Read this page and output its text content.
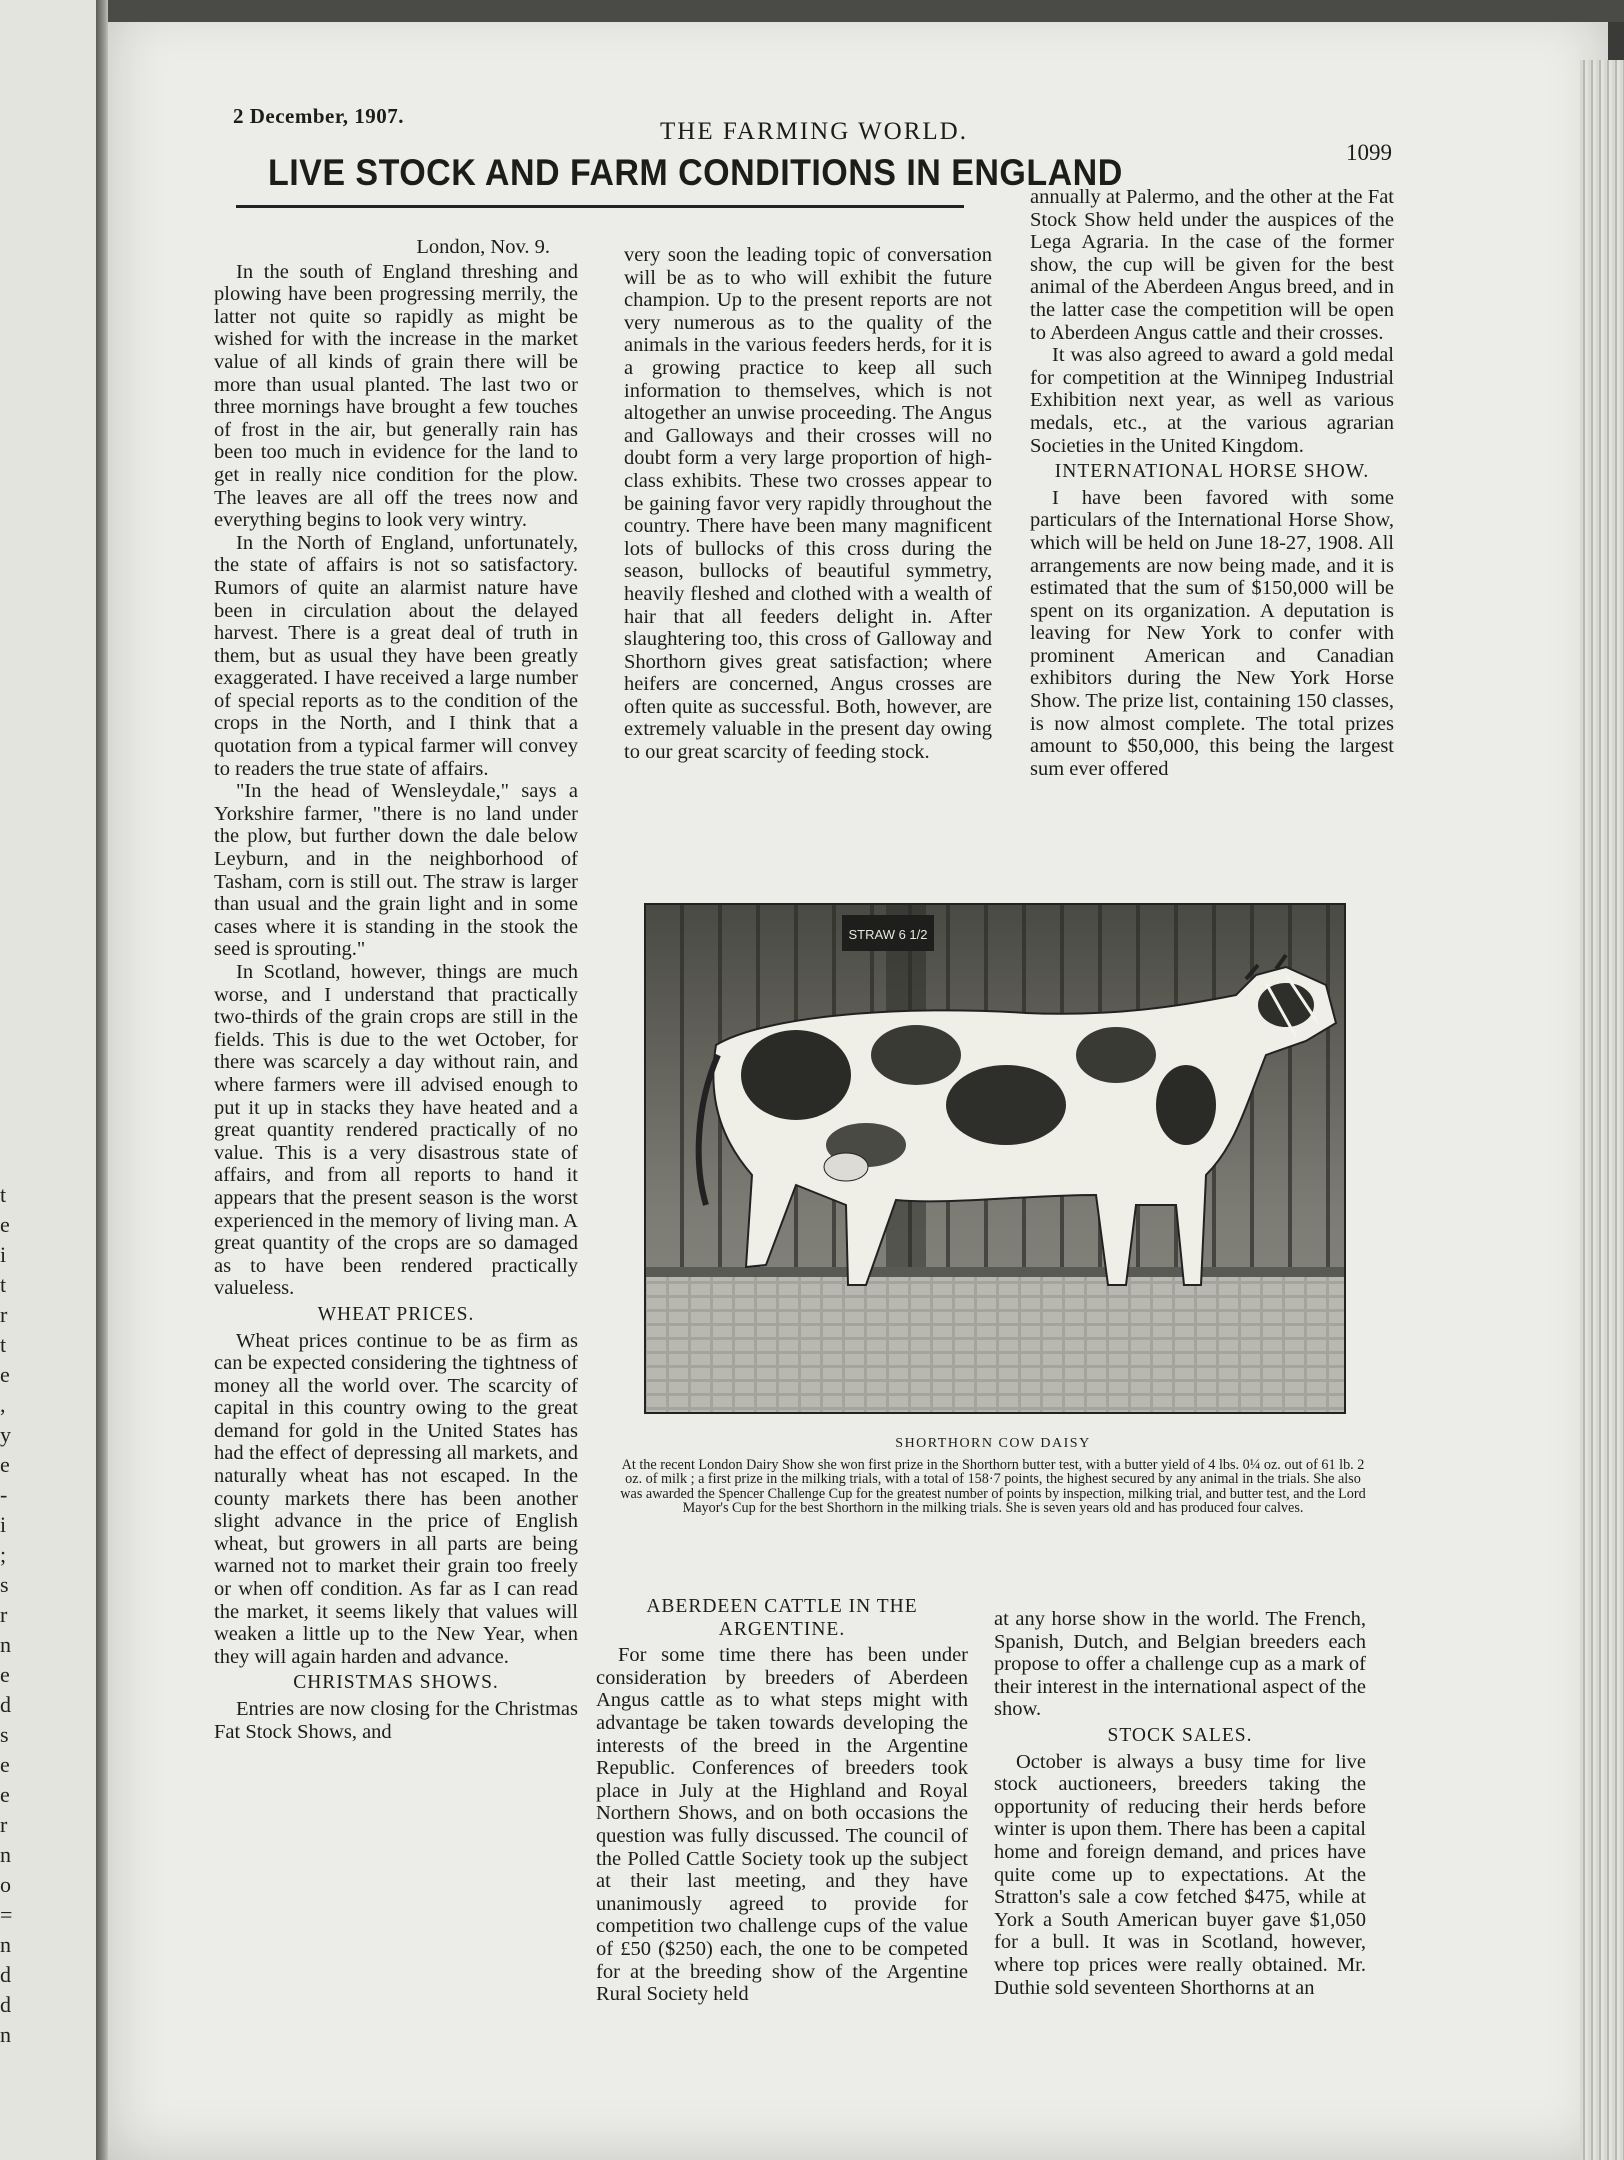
t
e
i
t
r
t
e
,
y
e
-
i
;
s
r
n
e
d
s
e
e
r
n
o
=
n
d
d
n
2 December, 1907.
THE FARMING WORLD.
1099
LIVE STOCK AND FARM CONDITIONS IN ENGLAND

London, Nov. 9.

In the south of England threshing and plowing have been progressing merrily, the latter not quite so rapidly as might be wished for with the increase in the market value of all kinds of grain there will be more than usual planted. The last two or three mornings have brought a few touches of frost in the air, but generally rain has been too much in evidence for the land to get in really nice condition for the plow. The leaves are all off the trees now and everything begins to look very wintry.

In the North of England, unfortunately, the state of affairs is not so satisfactory. Rumors of quite an alarmist nature have been in circulation about the delayed harvest. There is a great deal of truth in them, but as usual they have been greatly exaggerated. I have received a large number of special reports as to the condition of the crops in the North, and I think that a quotation from a typical farmer will convey to readers the true state of affairs.

"In the head of Wensleydale," says a Yorkshire farmer, "there is no land under the plow, but further down the dale below Leyburn, and in the neighborhood of Tasham, corn is still out. The straw is larger than usual and the grain light and in some cases where it is standing in the stook the seed is sprouting."

In Scotland, however, things are much worse, and I understand that practically two-thirds of the grain crops are still in the fields. This is due to the wet October, for there was scarcely a day without rain, and where farmers were ill advised enough to put it up in stacks they have heated and a great quantity rendered practically of no value. This is a very disastrous state of affairs, and from all reports to hand it appears that the present season is the worst experienced in the memory of living man. A great quantity of the crops are so damaged as to have been rendered practically valueless.

WHEAT PRICES.

Wheat prices continue to be as firm as can be expected considering the tightness of money all the world over. The scarcity of capital in this country owing to the great demand for gold in the United States has had the effect of depressing all markets, and naturally wheat has not escaped. In the county markets there has been another slight advance in the price of English wheat, but growers in all parts are being warned not to market their grain too freely or when off condition. As far as I can read the market, it seems likely that values will weaken a little up to the New Year, when they will again harden and advance.

CHRISTMAS SHOWS.

Entries are now closing for the Christmas Fat Stock Shows, and

very soon the leading topic of conversation will be as to who will exhibit the future champion. Up to the present reports are not very numerous as to the quality of the animals in the various feeders herds, for it is a growing practice to keep all such information to themselves, which is not altogether an unwise proceeding. The Angus and Galloways and their crosses will no doubt form a very large proportion of high-class exhibits. These two crosses appear to be gaining favor very rapidly throughout the country. There have been many magnificent lots of bullocks of this cross during the season, bullocks of beautiful symmetry, heavily fleshed and clothed with a wealth of hair that all feeders delight in. After slaughtering too, this cross of Galloway and Shorthorn gives great satisfaction; where heifers are concerned, Angus crosses are often quite as successful. Both, however, are extremely valuable in the present day owing to our great scarcity of feeding stock.

annually at Palermo, and the other at the Fat Stock Show held under the auspices of the Lega Agraria. In the case of the former show, the cup will be given for the best animal of the Aberdeen Angus breed, and in the latter case the competition will be open to Aberdeen Angus cattle and their crosses.

It was also agreed to award a gold medal for competition at the Winnipeg Industrial Exhibition next year, as well as various medals, etc., at the various agrarian Societies in the United Kingdom.

INTERNATIONAL HORSE SHOW.

I have been favored with some particulars of the International Horse Show, which will be held on June 18-27, 1908. All arrangements are now being made, and it is estimated that the sum of $150,000 will be spent on its organization. A deputation is leaving for New York to confer with prominent American and Canadian exhibitors during the New York Horse Show. The prize list, containing 150 classes, is now almost complete. The total prizes amount to $50,000, this being the largest sum ever offered

STRAW 6 1/2
SHORTHORN COW DAISY
At the recent London Dairy Show she won first prize in the Shorthorn butter test, with a butter yield of 4 lbs. 0¼ oz. out of 61 lb. 2 oz. of milk ; a first prize in the milking trials, with a total of 158·7 points, the highest secured by any animal in the trials. She also was awarded the Spencer Challenge Cup for the greatest number of points by inspection, milking trial, and butter test, and the Lord Mayor's Cup for the best Shorthorn in the milking trials. She is seven years old and has produced four calves.

ABERDEEN CATTLE IN THE ARGENTINE.

For some time there has been under consideration by breeders of Aberdeen Angus cattle as to what steps might with advantage be taken towards developing the interests of the breed in the Argentine Republic. Conferences of breeders took place in July at the Highland and Royal Northern Shows, and on both occasions the question was fully discussed. The council of the Polled Cattle Society took up the subject at their last meeting, and they have unanimously agreed to provide for competition two challenge cups of the value of £50 ($250) each, the one to be competed for at the breeding show of the Argentine Rural Society held

at any horse show in the world. The French, Spanish, Dutch, and Belgian breeders each propose to offer a challenge cup as a mark of their interest in the international aspect of the show.

STOCK SALES.

October is always a busy time for live stock auctioneers, breeders taking the opportunity of reducing their herds before winter is upon them. There has been a capital home and foreign demand, and prices have quite come up to expectations. At the Stratton's sale a cow fetched $475, while at York a South American buyer gave $1,050 for a bull. It was in Scotland, however, where top prices were really obtained. Mr. Duthie sold seventeen Shorthorns at an
